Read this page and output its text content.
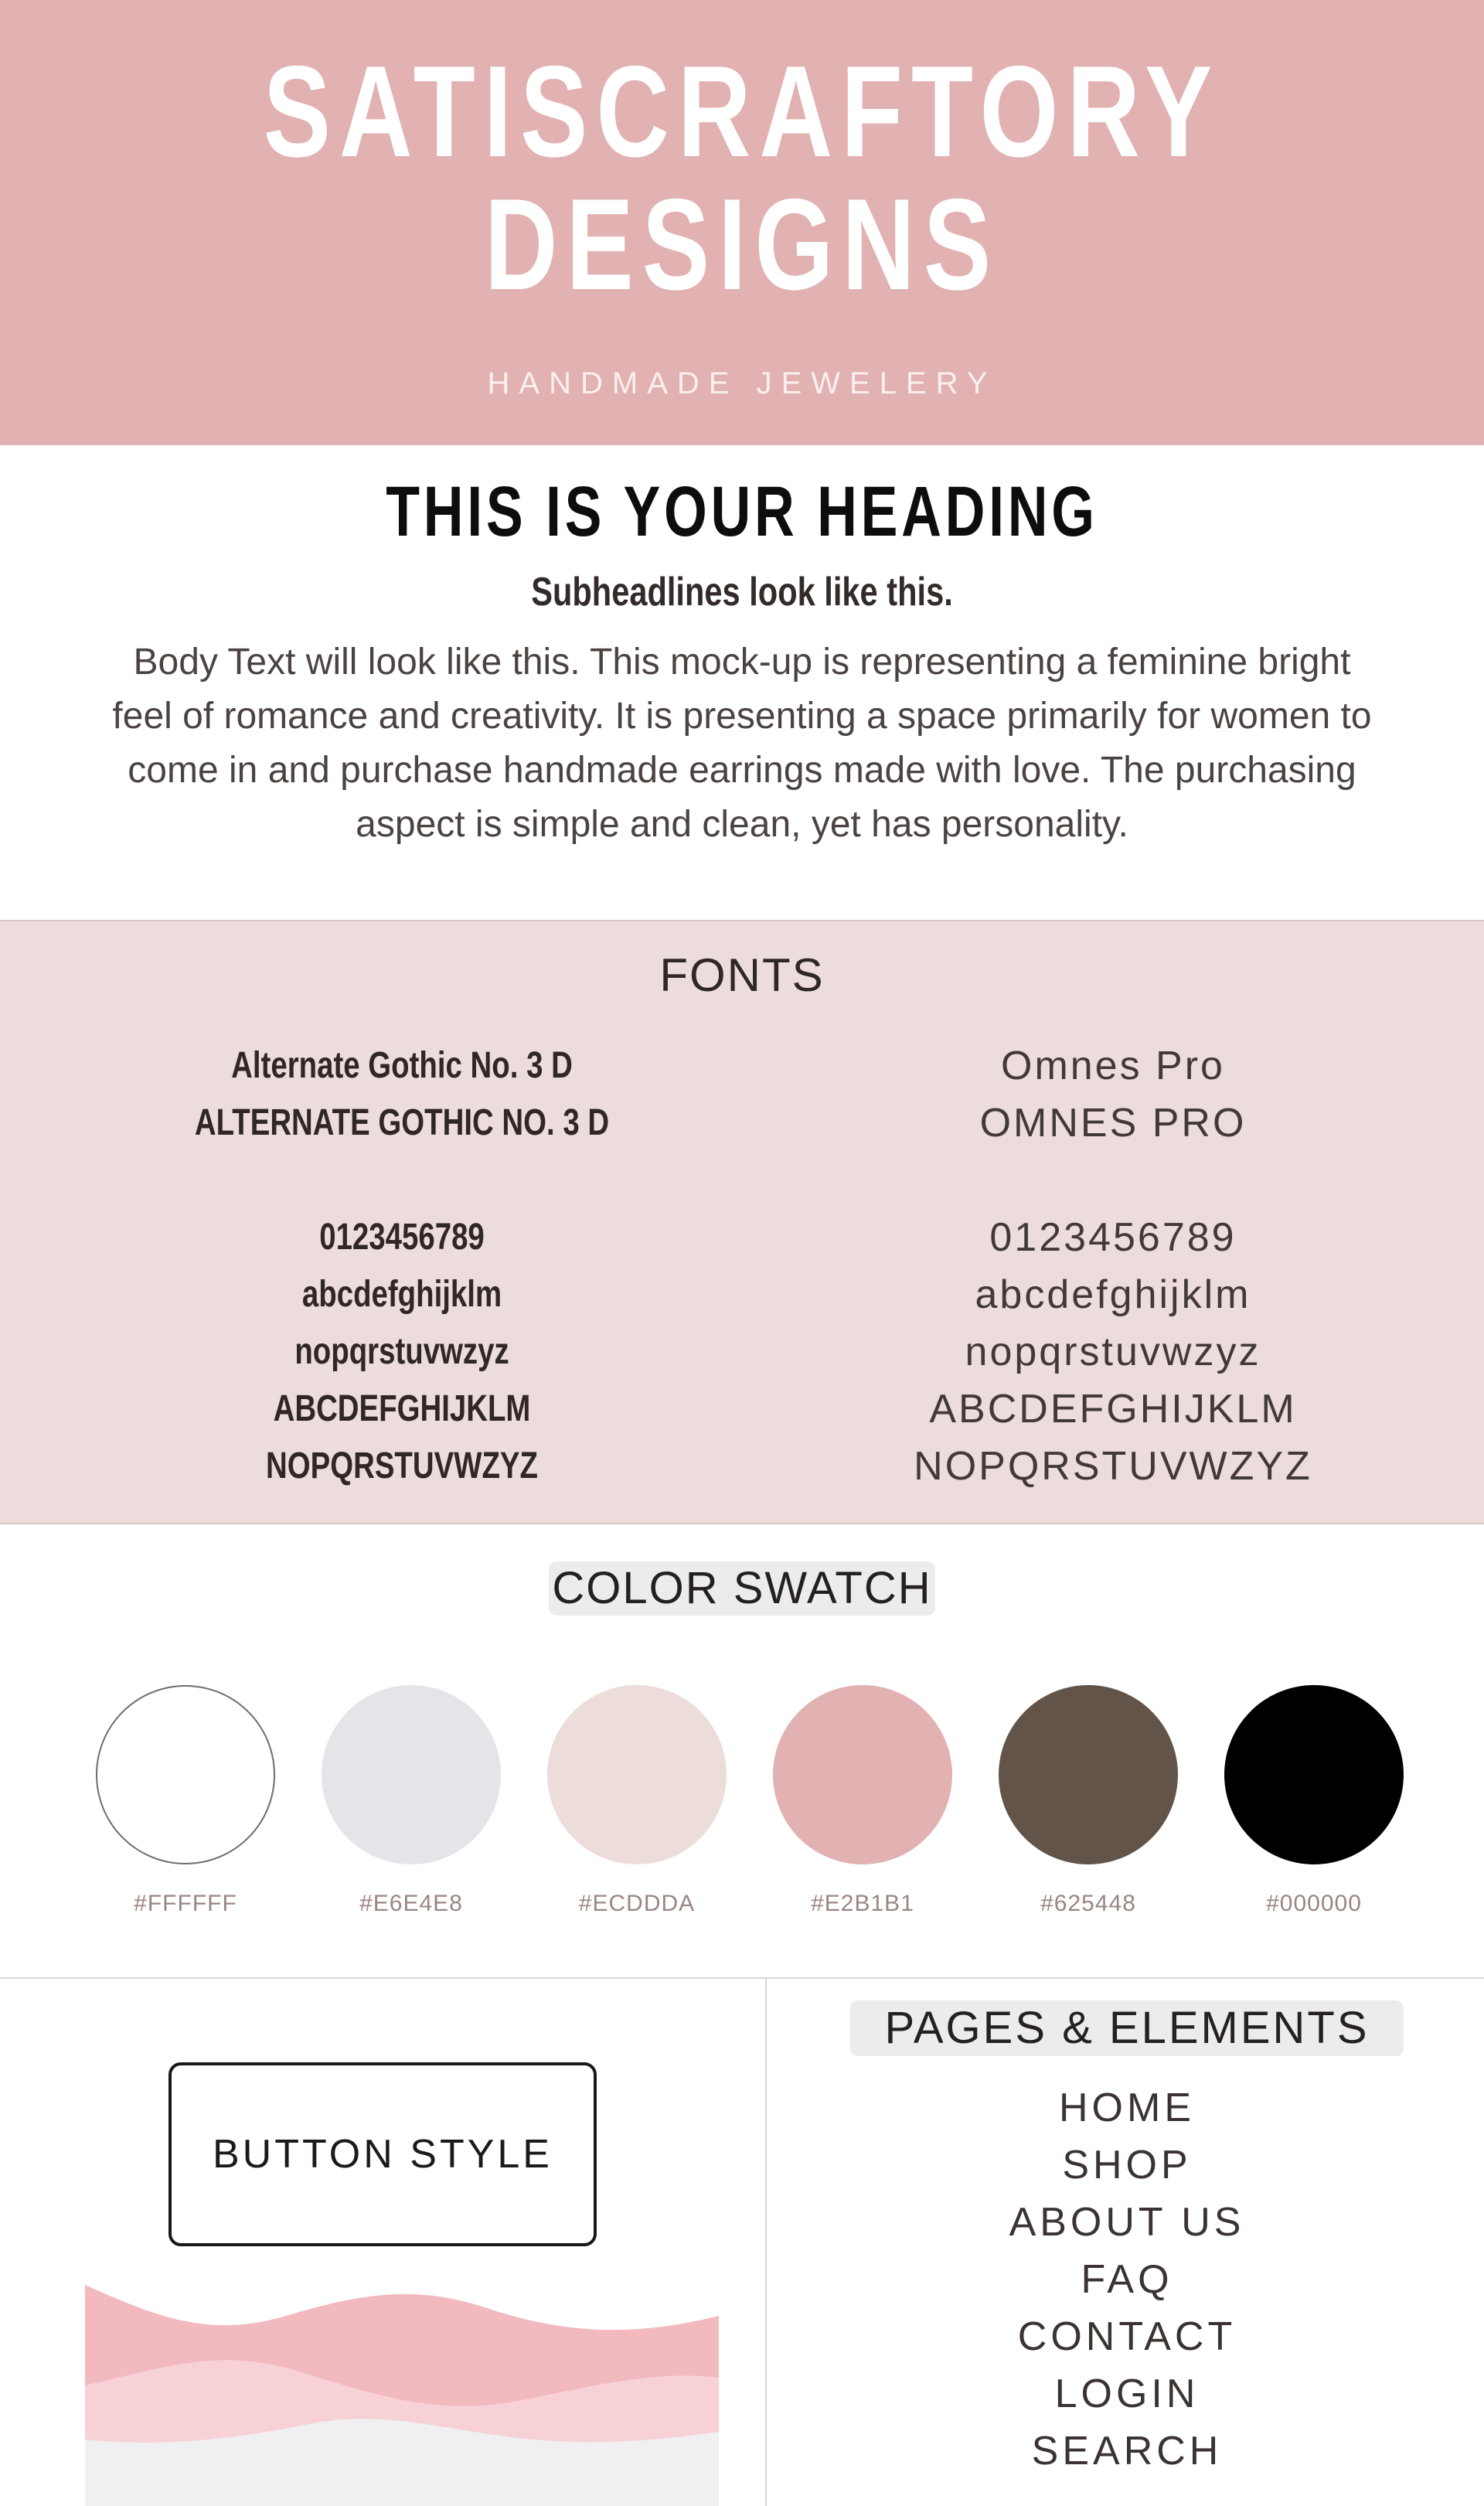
SATISCRAFTORY
DESIGNS
HANDMADE JEWELERY
THIS IS YOUR HEADING
Subheadlines look like this.
Body Text will look like this. This mock-up is representing a feminine bright feel of romance and creativity. It is presenting a space primarily for women to come in and purchase handmade earrings made with love. The purchasing aspect is simple and clean, yet has personality.
FONTS
Alternate Gothic No. 3 D
ALTERNATE GOTHIC NO. 3 D
0123456789
abcdefghijklm
nopqrstuvwzyz
ABCDEFGHIJKLM
NOPQRSTUVWZYZ
Omnes Pro
OMNES PRO
0123456789
abcdefghijklm
nopqrstuvwzyz
ABCDEFGHIJKLM
NOPQRSTUVWZYZ
COLOR SWATCH
#FFFFFF	#E6E4E8	#ECDDDA	#E2B1B1	#625448	#000000
BUTTON STYLE
PAGES & ELEMENTS
HOME
SHOP
ABOUT US
FAQ
CONTACT
LOGIN
SEARCH
